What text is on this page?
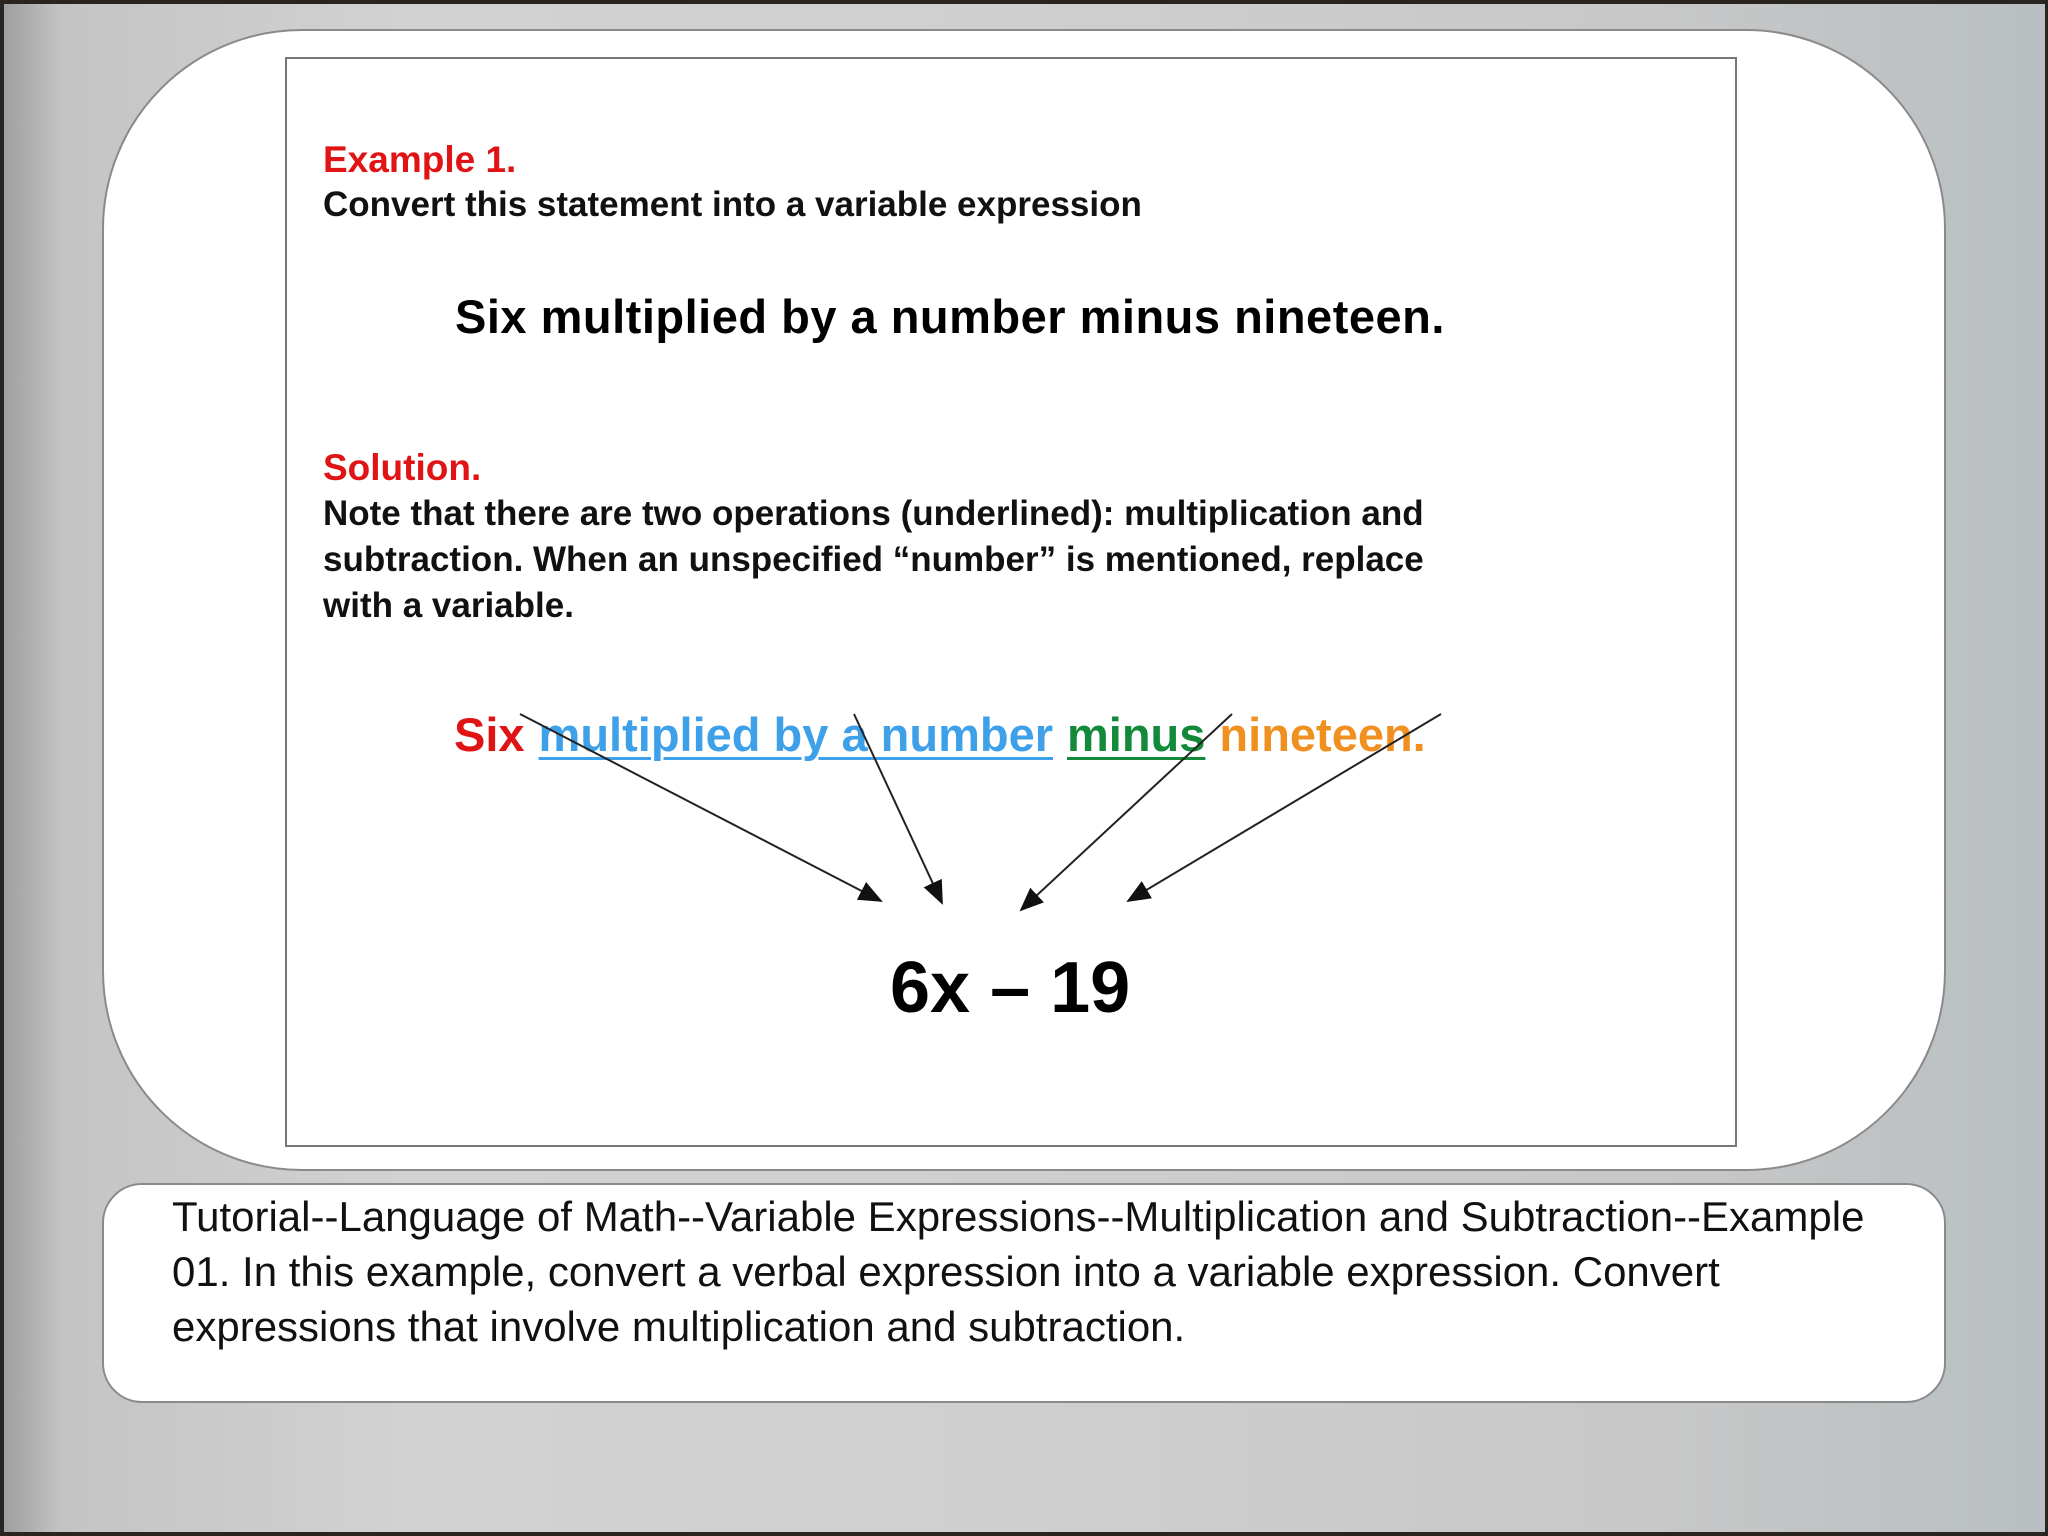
Example 1.
Convert this statement into a variable expression
Six multiplied by a number minus nineteen.
Solution.
Note that there are two operations (underlined): multiplication and
subtraction. When an unspecified “number” is mentioned, replace
with a variable.
Six multiplied by a number minus nineteen.
6x – 19

Tutorial--Language of Math--Variable Expressions--Multiplication and Subtraction--Example 01. In this example, convert a verbal expression into a variable expression. Convert expressions that involve multiplication and subtraction.
